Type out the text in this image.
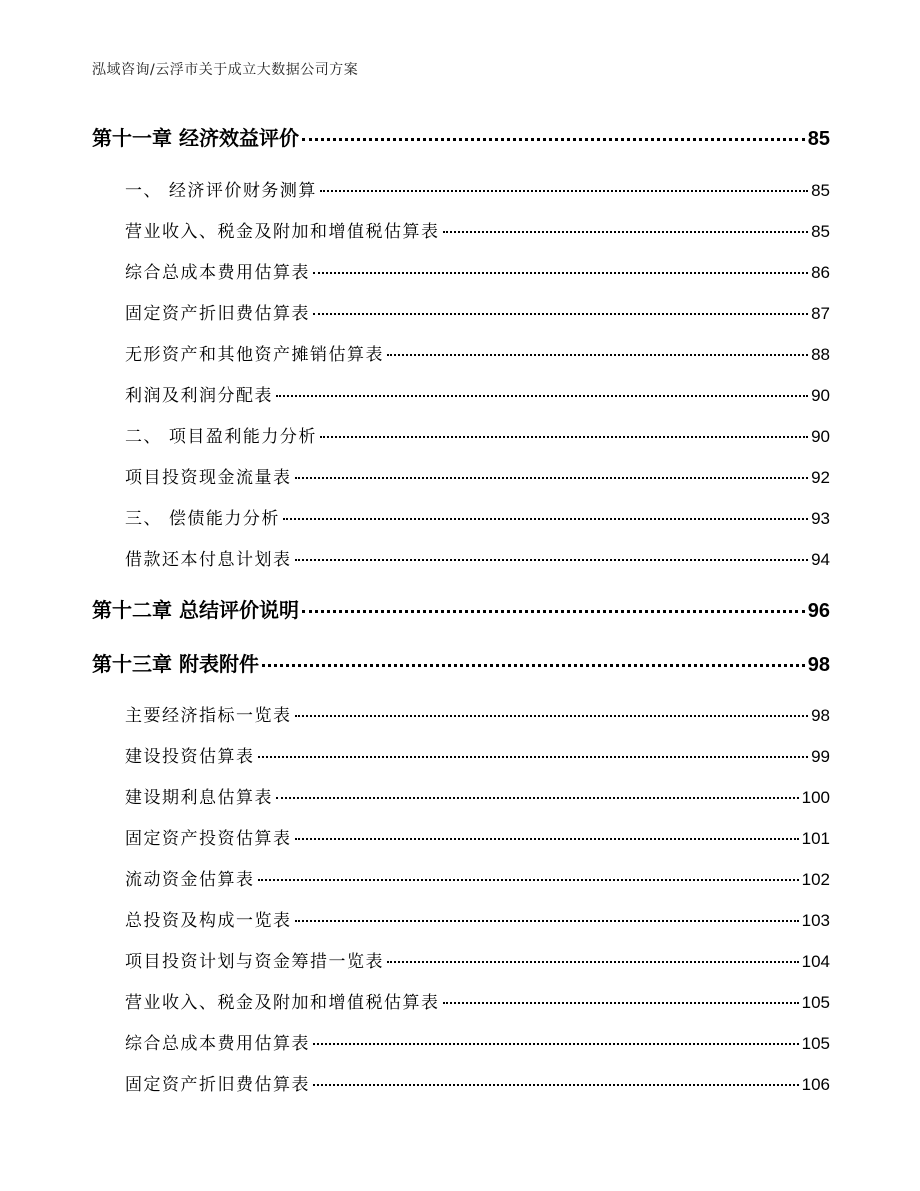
泓域咨询/云浮市关于成立大数据公司方案
第十一章 经济效益评价	85
一、 经济评价财务测算	85
营业收入、税金及附加和增值税估算表	85
综合总成本费用估算表	86
固定资产折旧费估算表	87
无形资产和其他资产摊销估算表	88
利润及利润分配表	90
二、 项目盈利能力分析	90
项目投资现金流量表	92
三、 偿债能力分析	93
借款还本付息计划表	94
第十二章 总结评价说明	96
第十三章 附表附件	98
主要经济指标一览表	98
建设投资估算表	99
建设期利息估算表	100
固定资产投资估算表	101
流动资金估算表	102
总投资及构成一览表	103
项目投资计划与资金筹措一览表	104
营业收入、税金及附加和增值税估算表	105
综合总成本费用估算表	105
固定资产折旧费估算表	106
